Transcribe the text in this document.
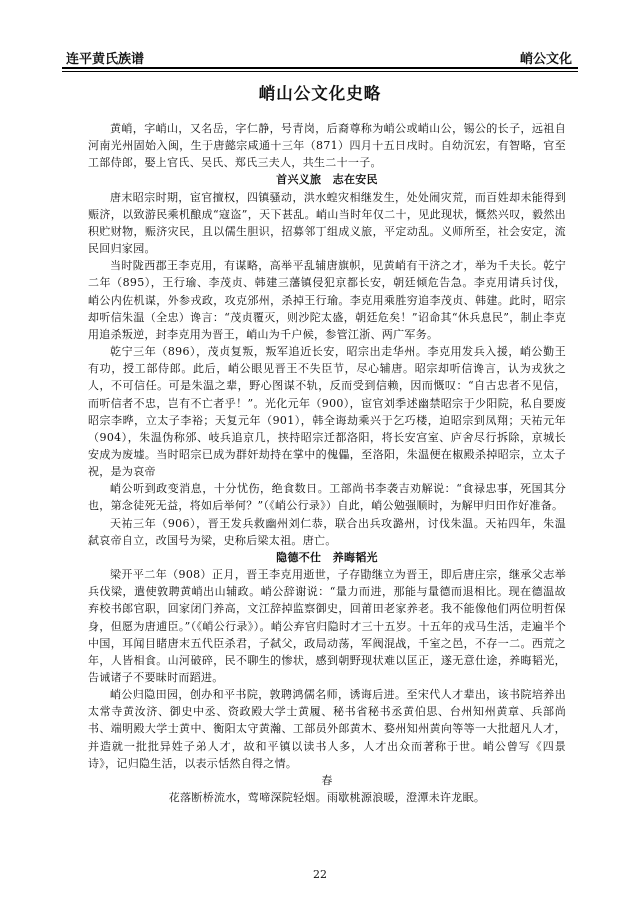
连平黄氏族谱	峭公文化
峭山公文化史略

黄峭，字峭山，又名岳，字仁静，号青岗，后裔尊称为峭公或峭山公，锡公的长子，远祖自河南光州固始入闽，生于唐懿宗咸通十三年（871）四月十五日戌时。自幼沉宏，有智略，官至工部侍郎，娶上官氏、吴氏、郑氏三夫人，共生二十一子。

首兴义旅　志在安民

唐末昭宗时期，宦官擅权，四镇骚动，洪水蝗灾相继发生，处处闹灾荒，而百姓却未能得到赈济，以致游民乘机酿成“寇盗”，天下甚乱。峭山当时年仅二十，见此现状，慨然兴叹，毅然出积贮财物，赈济灾民，且以儒生胆识，招募邻丁组成义旅，平定动乱。义师所至，社会安定，流民回归家园。

当时陇西郡王李克用，有谋略，高举平乱辅唐旗帜，见黄峭有干济之才，举为千夫长。乾宁二年（895），王行瑜、李茂贞、韩建三藩镇侵犯京都长安，朝廷倾危告急。李克用请兵讨伐，峭公内佐机谋，外参戎政，攻克邠州，杀掉王行瑜。李克用乘胜穷追李茂贞、韩建。此时，昭宗却听信朱温（全忠）谗言：“茂贞覆灭，则沙陀太盛，朝廷危矣！”诏命其“休兵息民”，制止李克用追杀叛逆，封李克用为晋王，峭山为千户候，参管江浙、两广军务。

乾宁三年（896），茂贞复叛，叛军追近长安，昭宗出走华州。李克用发兵入援，峭公勤王有功，授工部侍郎。此后，峭公眼见晋王不失臣节，尽心辅唐。昭宗却听信谗言，认为戎狄之人，不可信任。可是朱温之辈，野心图谋不轨，反而受到信赖，因而慨叹：“自古忠者不见信，而听信者不忠，岂有不亡者乎！”。光化元年（900），宦官刘季述幽禁昭宗于少阳院，私自要废昭宗李晔，立太子李裕；天复元年（901），韩全诲劫乘兴于乞巧楼，迫昭宗到凤翔；天祐元年（904），朱温伪称邠、岐兵追京几，挟持昭宗迁都洛阳，将长安宫室、庐舍尽行拆除，京城长安成为废墟。当时昭宗已成为群奸劫持在掌中的傀儡，至洛阳，朱温便在椒殿杀掉昭宗，立太子祝，是为哀帝

峭公听到政变消息，十分忧伤，绝食数日。工部尚书李袭吉劝解说：“食禄忠事，死国其分也，第念徒死无益，将如后举何？”（《峭公行录》）自此，峭公勉强顺时，为解甲归田作好准备。

天祐三年（906），晋王发兵救幽州刘仁恭，联合出兵攻潞州，讨伐朱温。天祐四年，朱温弑哀帝自立，改国号为梁，史称后梁太祖。唐亡。

隐德不仕　养晦韬光

梁开平二年（908）正月，晋王李克用逝世，子存勖继立为晋王，即后唐庄宗，继承父志举兵伐梁，遣使敦聘黄峭出山辅政。峭公辞谢说：“量力而进，那能与量德而退相比。现在德温故弃校书郎官职，回家闭门养高，文江辞掉监察御史，回莆田老家养老。我不能像他们两位明哲保身，但愿为唐逋臣。”（《峭公行录》）。峭公弃官归隐时才三十五岁。十五年的戎马生活，走遍半个中国，耳闻目睹唐末五代臣杀君，子弑父，政局动荡，军阀混战，千室之邑，不存一二。西荒之年，人皆相食。山河破碎，民不聊生的惨状，感到朝野现状难以匡正，遂无意仕途，养晦韬光，告诫诸子不要昧时而蹈进。

峭公归隐田园，创办和平书院，敦聘鸿儒名师，诱诲后进。至宋代人才辈出，该书院培养出太常寺黄汝济、御史中丞、资政殿大学士黄履、秘书省秘书丞黄伯思、台州知州黄章、兵部尚书、端明殿大学士黄中、衡阳太守黄瀚、工部员外郎黄木、婺州知州黄向等等一大批超凡人才，并造就一批批异姓子弟人才，故和平镇以读书人多，人才出众而著称于世。峭公曾写《四景诗》，记归隐生活，以表示恬然自得之情。

春
花落断桥流水，莺啼深院轻烟。雨歇桃源浪暖，澄潭未许龙眠。
22
